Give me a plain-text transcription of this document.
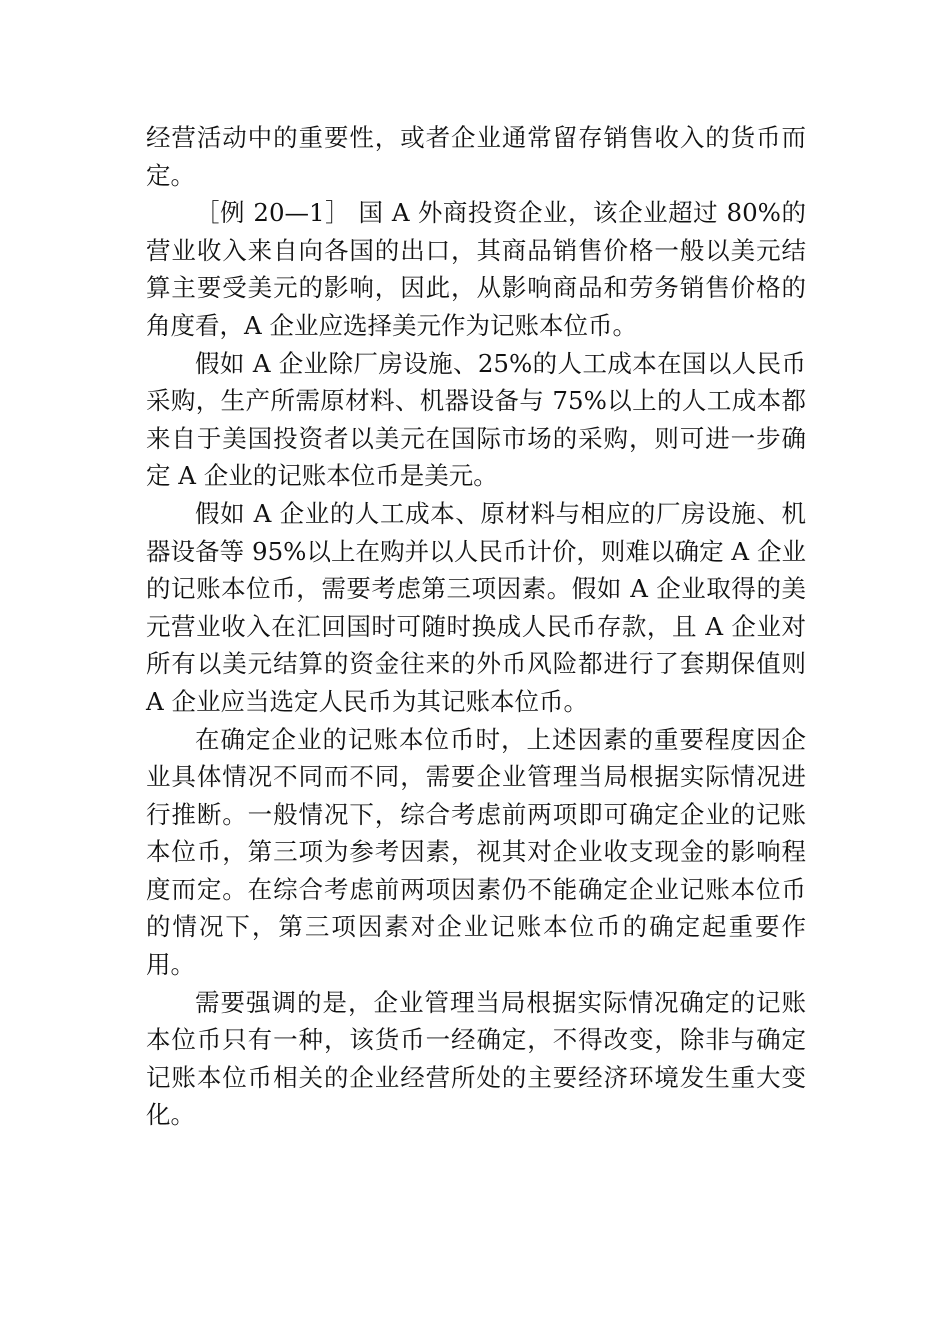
经营活动中的重要性，或者企业通常留存销售收入的货币而定。

［例 20—1］ 国 A 外商投资企业，该企业超过 80%的营业收入来自向各国的出口，其商品销售价格一般以美元结算主要受美元的影响，因此，从影响商品和劳务销售价格的角度看，A 企业应选择美元作为记账本位币。

假如 A 企业除厂房设施、25%的人工成本在国以人民币采购，生产所需原材料、机器设备与 75%以上的人工成本都来自于美国投资者以美元在国际市场的采购，则可进一步确定 A 企业的记账本位币是美元。

假如 A 企业的人工成本、原材料与相应的厂房设施、机器设备等 95%以上在购并以人民币计价，则难以确定 A 企业的记账本位币，需要考虑第三项因素。假如 A 企业取得的美元营业收入在汇回国时可随时换成人民币存款，且 A 企业对所有以美元结算的资金往来的外币风险都进行了套期保值则 A 企业应当选定人民币为其记账本位币。

在确定企业的记账本位币时，上述因素的重要程度因企业具体情况不同而不同，需要企业管理当局根据实际情况进行推断。一般情况下，综合考虑前两项即可确定企业的记账本位币，第三项为参考因素，视其对企业收支现金的影响程度而定。在综合考虑前两项因素仍不能确定企业记账本位币的情况下，第三项因素对企业记账本位币的确定起重要作用。

需要强调的是，企业管理当局根据实际情况确定的记账本位币只有一种，该货币一经确定，不得改变，除非与确定记账本位币相关的企业经营所处的主要经济环境发生重大变化。
